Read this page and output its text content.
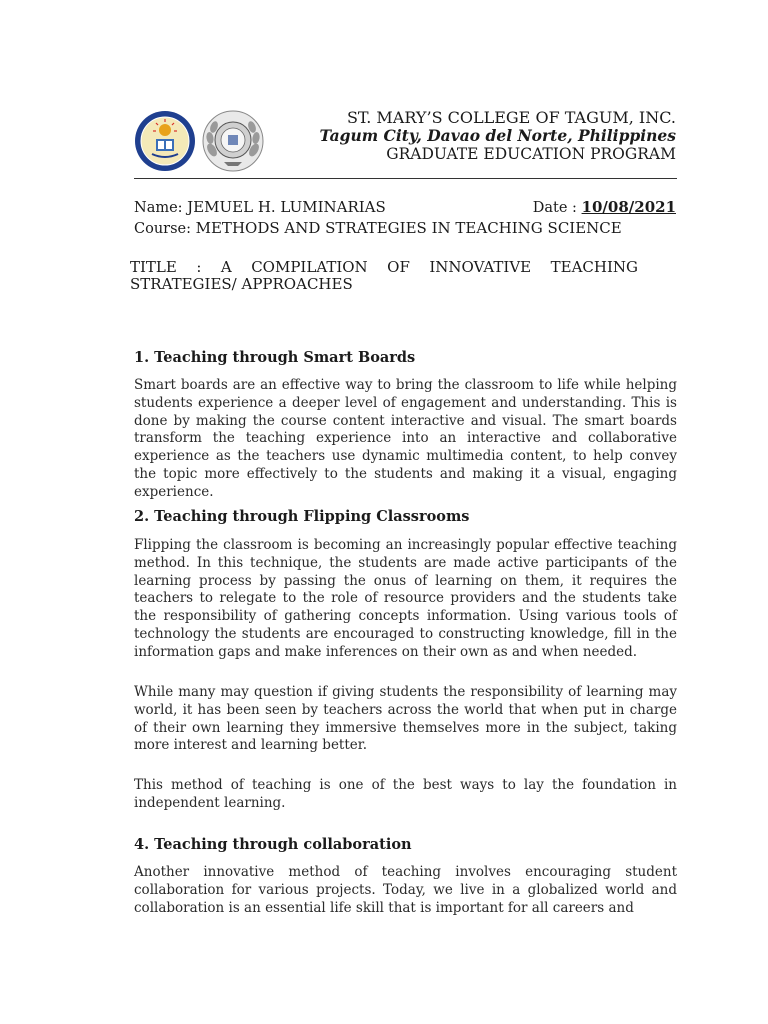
ST. MARY’S COLLEGE OF TAGUM, INC.
Tagum City, Davao del Norte, Philippines
GRADUATE EDUCATION PROGRAM
Name: JEMUEL H. LUMINARIAS	Date : 10/08/2021
Course: METHODS AND STRATEGIES IN TEACHING SCIENCE
TITLE : A COMPILATION OF INNOVATIVE TEACHING STRATEGIES/ APPROACHES
1. Teaching through Smart Boards

Smart boards are an effective way to bring the classroom to life while helping students experience a deeper level of engagement and understanding. This is done by making the course content interactive and visual. The smart boards transform the teaching experience into an interactive and collaborative experience as the teachers use dynamic multimedia content, to help convey the topic more effectively to the students and making it a visual, engaging experience.

2. Teaching through Flipping Classrooms

Flipping the classroom is becoming an increasingly popular effective teaching method. In this technique, the students are made active participants of the learning process by passing the onus of learning on them, it requires the teachers to relegate to the role of resource providers and the students take the responsibility of gathering concepts information. Using various tools of technology the students are encouraged to constructing knowledge, fill in the information gaps and make inferences on their own as and when needed.

While many may question if giving students the responsibility of learning may world, it has been seen by teachers across the world that when put in charge of their own learning they immersive themselves more in the subject, taking more interest and learning better.

This method of teaching is one of the best ways to lay the foundation in independent learning.

4. Teaching through collaboration

Another innovative method of teaching involves encouraging student collaboration for various projects. Today, we live in a globalized world and collaboration is an essential life skill that is important for all careers and
